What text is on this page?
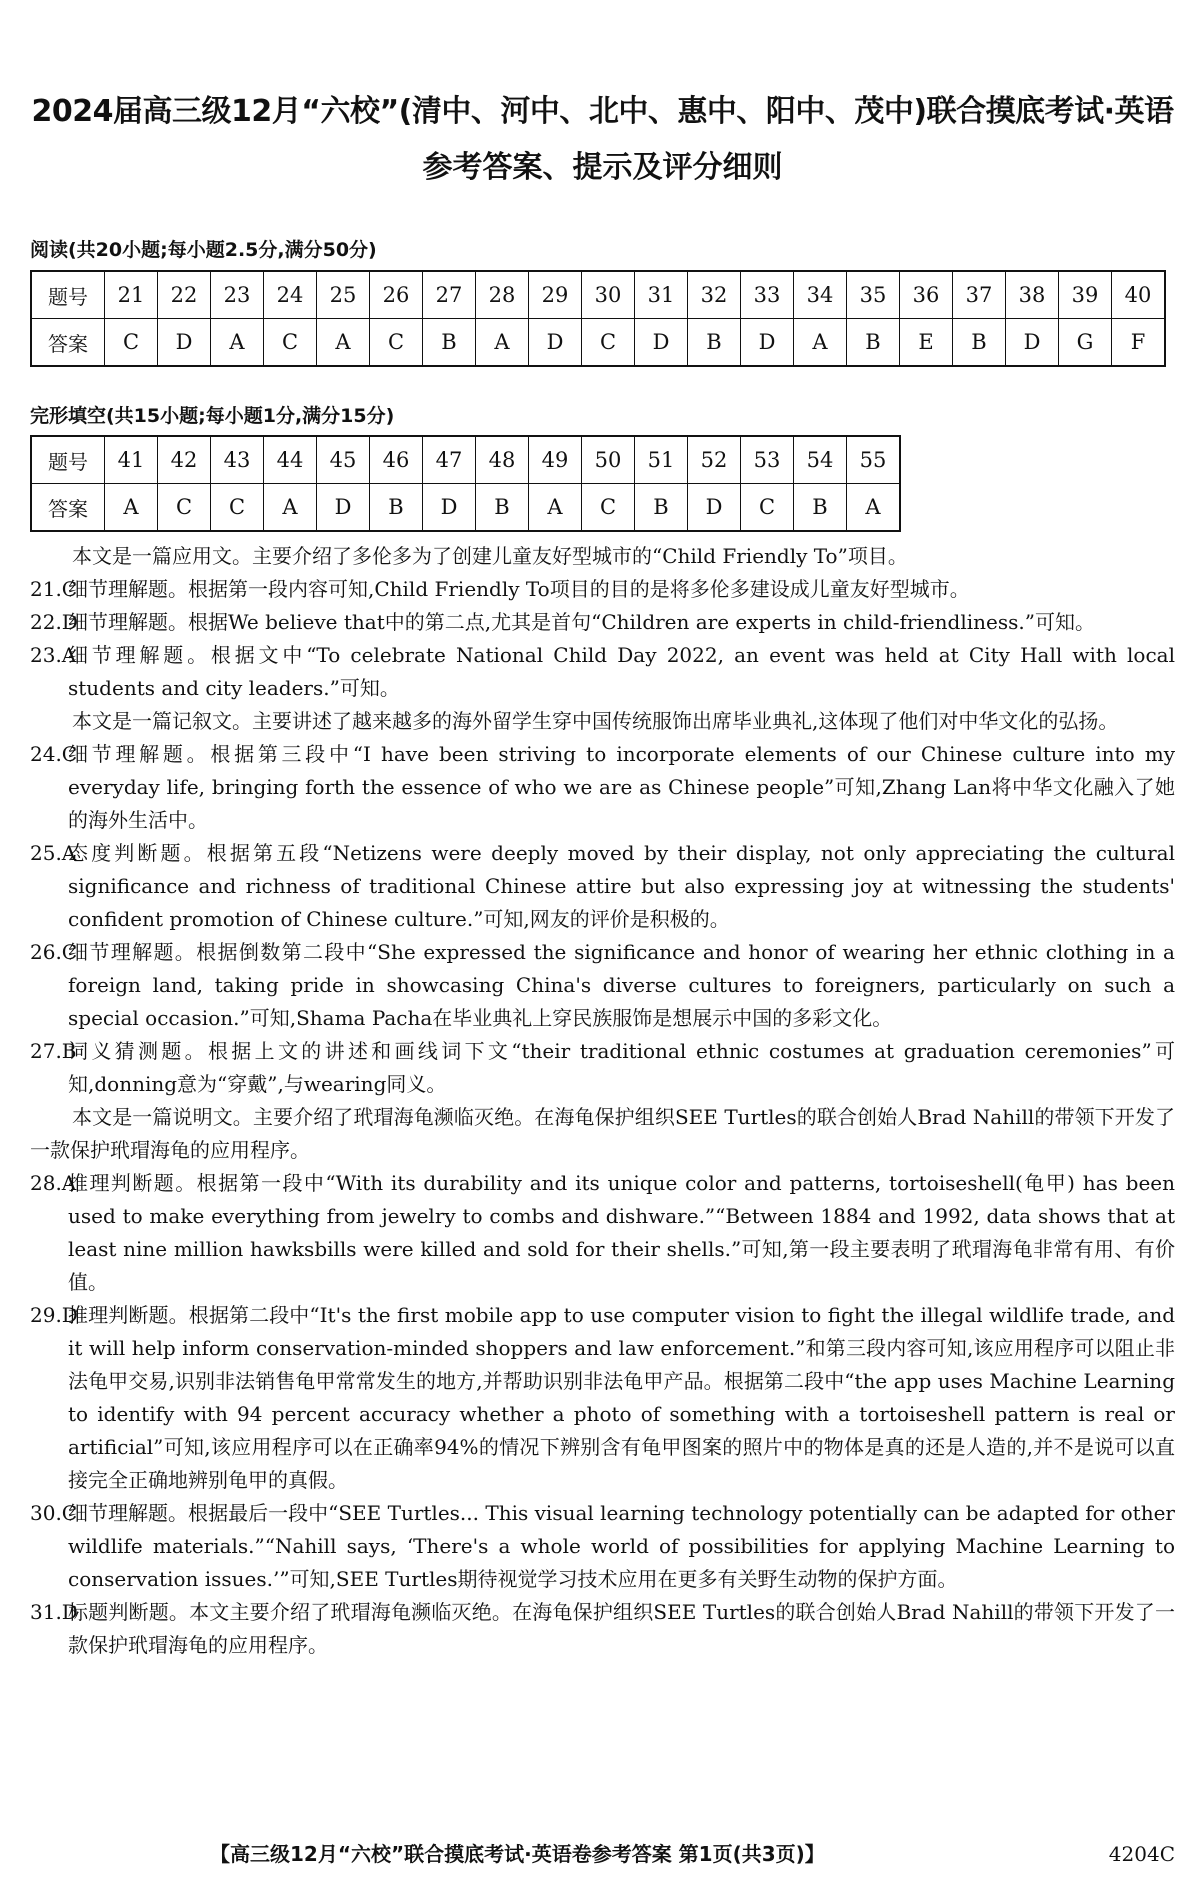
2024届高三级12月“六校”(清中、河中、北中、惠中、阳中、茂中)联合摸底考试·英语
参考答案、提示及评分细则
阅读(共20小题;每小题2.5分,满分50分)
题号	21	22	23	24	25	26	27	28	29	30	31	32	33	34	35	36	37	38	39	40
答案	C	D	A	C	A	C	B	A	D	C	D	B	D	A	B	E	B	D	G	F
完形填空(共15小题;每小题1分,满分15分)
题号	41	42	43	44	45	46	47	48	49	50	51	52	53	54	55
答案	A	C	C	A	D	B	D	B	A	C	B	D	C	B	A

本文是一篇应用文。主要介绍了多伦多为了创建儿童友好型城市的“Child Friendly To”项目。

21.C
细节理解题。根据第一段内容可知,Child Friendly To项目的目的是将多伦多建设成儿童友好型城市。

22.D
细节理解题。根据We believe that中的第二点,尤其是首句“Children are experts in child-friendliness.”可知。

23.A
细节理解题。根据文中“To celebrate National Child Day 2022, an event was held at City Hall with local students and city leaders.”可知。

本文是一篇记叙文。主要讲述了越来越多的海外留学生穿中国传统服饰出席毕业典礼,这体现了他们对中华文化的弘扬。

24.C
细节理解题。根据第三段中“I have been striving to incorporate elements of our Chinese culture into my everyday life, bringing forth the essence of who we are as Chinese people”可知,Zhang Lan将中华文化融入了她的海外生活中。

25.A
态度判断题。根据第五段“Netizens were deeply moved by their display, not only appreciating the cultural significance and richness of traditional Chinese attire but also expressing joy at witnessing the students' confident promotion of Chinese culture.”可知,网友的评价是积极的。

26.C
细节理解题。根据倒数第二段中“She expressed the significance and honor of wearing her ethnic clothing in a foreign land, taking pride in showcasing China's diverse cultures to foreigners, particularly on such a special occasion.”可知,Shama Pacha在毕业典礼上穿民族服饰是想展示中国的多彩文化。

27.B
词义猜测题。根据上文的讲述和画线词下文“their traditional ethnic costumes at graduation ceremonies”可知,donning意为“穿戴”,与wearing同义。

本文是一篇说明文。主要介绍了玳瑁海龟濒临灭绝。在海龟保护组织SEE Turtles的联合创始人Brad Nahill的带领下开发了一款保护玳瑁海龟的应用程序。

28.A
推理判断题。根据第一段中“With its durability and its unique color and patterns, tortoiseshell(龟甲) has been used to make everything from jewelry to combs and dishware.”“Between 1884 and 1992, data shows that at least nine million hawksbills were killed and sold for their shells.”可知,第一段主要表明了玳瑁海龟非常有用、有价值。

29.D
推理判断题。根据第二段中“It's the first mobile app to use computer vision to fight the illegal wildlife trade, and it will help inform conservation-minded shoppers and law enforcement.”和第三段内容可知,该应用程序可以阻止非法龟甲交易,识别非法销售龟甲常常发生的地方,并帮助识别非法龟甲产品。根据第二段中“the app uses Machine Learning to identify with 94 percent accuracy whether a photo of something with a tortoiseshell pattern is real or artificial”可知,该应用程序可以在正确率94%的情况下辨别含有龟甲图案的照片中的物体是真的还是人造的,并不是说可以直接完全正确地辨别龟甲的真假。

30.C
细节理解题。根据最后一段中“SEE Turtles... This visual learning technology potentially can be adapted for other wildlife materials.”“Nahill says, ‘There's a whole world of possibilities for applying Machine Learning to conservation issues.’”可知,SEE Turtles期待视觉学习技术应用在更多有关野生动物的保护方面。

31.D
标题判断题。本文主要介绍了玳瑁海龟濒临灭绝。在海龟保护组织SEE Turtles的联合创始人Brad Nahill的带领下开发了一款保护玳瑁海龟的应用程序。

【高三级12月“六校”联合摸底考试·英语卷参考答案 第1页(共3页)】	4204C
